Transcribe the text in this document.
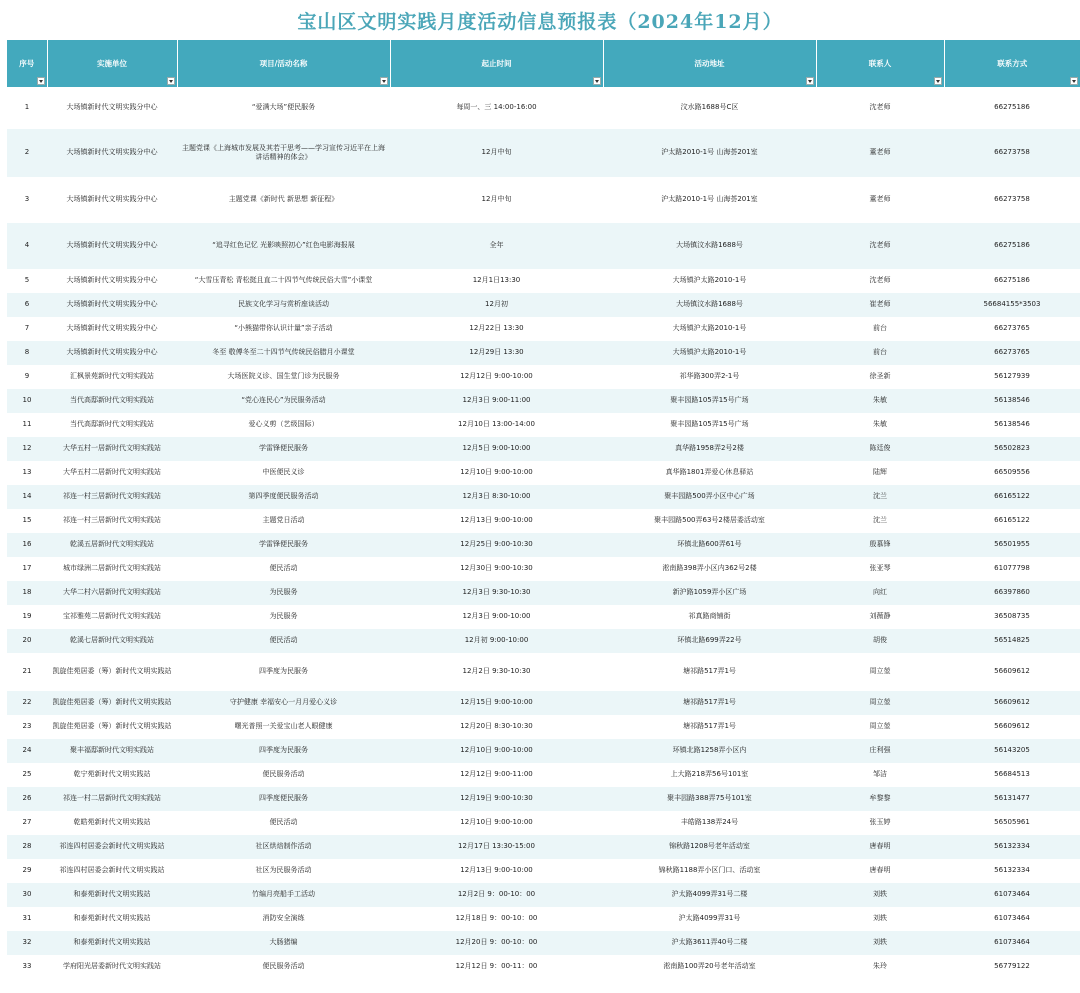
宝山区文明实践月度活动信息预报表（2024年12月）
序号	实施单位	项目/活动名称	起止时间	活动地址	联系人	联系方式

1	大场镇新时代文明实践分中心	“爱满大场”便民服务	每周一、三 14:00-16:00	汶水路1688号C区	沈老师	66275186
2	大场镇新时代文明实践分中心	主题党课《上海城市发展及其若干思考——学习宣传习近平在上海讲话精神的体会》	12月中旬	沪太路2010-1号 山海荟201室	董老师	66273758
3	大场镇新时代文明实践分中心	主题党课《新时代 新思想 新征程》	12月中旬	沪太路2010-1号 山海荟201室	董老师	66273758
4	大场镇新时代文明实践分中心	“追寻红色记忆 光影映照初心”红色电影海报展	全年	大场镇汶水路1688号	沈老师	66275186
5	大场镇新时代文明实践分中心	“大雪压青松 青松挺且直二十四节气传统民俗大雪”小课堂	12月1日13:30	大场镇沪太路2010-1号	沈老师	66275186
6	大场镇新时代文明实践分中心	民族文化学习与赏析座谈活动	12月初	大场镇汶水路1688号	崔老师	56684155*3503
7	大场镇新时代文明实践分中心	“小熊猫带你认识计量”亲子活动	12月22日 13:30	大场镇沪太路2010-1号	前台	66273765
8	大场镇新时代文明实践分中心	冬至 敬傅冬至二十四节气传统民俗腊月小课堂	12月29日 13:30	大场镇沪太路2010-1号	前台	66273765
9	汇枫景苑新时代文明实践站	大场医院义诊、国生堂门诊为民服务	12月12日 9:00-10:00	祁华路300弄2-1号	徐圣新	56127939
10	当代高邸新时代文明实践站	“党心连民心”为民服务活动	12月3日 9:00-11:00	聚丰园路105弄15号广场	朱敏	56138546
11	当代高邸新时代文明实践站	爱心义剪（艺级国际）	12月10日 13:00-14:00	聚丰园路105弄15号广场	朱敏	56138546
12	大华五村一居新时代文明实践站	学雷锋便民服务	12月5日 9:00-10:00	真华路1958弄2号2楼	陈廷俊	56502823
13	大华五村二居新时代文明实践站	中医便民义诊	12月10日 9:00-10:00	真华路1801弄爱心休息驿站	陆辉	66509556
14	祁连一村三居新时代文明实践站	第四季度便民服务活动	12月3日 8:30-10:00	聚丰园路500弄小区中心广场	沈兰	66165122
15	祁连一村三居新时代文明实践站	主题党日活动	12月13日 9:00-10:00	聚丰园路500弄63号2楼居委活动室	沈兰	66165122
16	乾溪五居新时代文明实践站	学雷锋便民服务	12月25日 9:00-10:30	环镇北路600弄61号	殷慕锋	56501955
17	城市绿洲二居新时代文明实践站	便民活动	12月30日 9:00-10:30	淞南路398弄小区内362号2楼	张亚琴	61077798
18	大华二村六居新时代文明实践站	为民服务	12月3日 9:30-10:30	新沪路1059弄小区广场	向红	66397860
19	宝祁雅苑二居新时代文明实践站	为民服务	12月3日 9:00-10:00	祁真路商铺街	刘薇静	36508735
20	乾溪七居新时代文明实践站	便民活动	12月初 9:00-10:00	环镇北路699弄22号	胡俊	56514825
21	凯旋佳苑居委（筹）新时代文明实践站	四季度为民服务	12月2日 9:30-10:30	塘祁路517弄1号	周立堃	56609612
22	凯旋佳苑居委（筹）新时代文明实践站	守护健康 幸福安心一月月爱心义诊	12月15日 9:00-10:00	塘祁路517弄1号	周立堃	56609612
23	凯旋佳苑居委（筹）新时代文明实践站	曙光普照一关爱宝山老人眼健康	12月20日 8:30-10:30	塘祁路517弄1号	周立堃	56609612
24	聚丰福邸新时代文明实践站	四季度为民服务	12月10日 9:00-10:00	环镇北路1258弄小区内	庄利强	56143205
25	乾宁苑新时代文明实践站	便民服务活动	12月12日 9:00-11:00	上大路218弄56号101室	邹洁	56684513
26	祁连一村二居新时代文明实践站	四季度便民服务	12月19日 9:00-10:30	聚丰园路388弄75号101室	牟黎黎	56131477
27	乾皓苑新时代文明实践站	便民活动	12月10日 9:00-10:00	丰皓路138弄24号	张玉婷	56505961
28	祁连四村居委会新时代文明实践站	社区烘焙制作活动	12月17日 13:30-15:00	锦秋路1208号老年活动室	唐春明	56132334
29	祁连四村居委会新时代文明实践站	社区为民服务活动	12月13日 9:00-10:00	锦秋路1188弄小区门口、活动室	唐春明	56132334
30	和泰苑新时代文明实践站	竹编月亮船手工活动	12月2日 9：00-10：00	沪太路4099弄31号二楼	刘轶	61073464
31	和泰苑新时代文明实践站	消防安全演练	12月18日 9：00-10：00	沪太路4099弄31号	刘轶	61073464
32	和泰苑新时代文明实践站	大肠猪编	12月20日 9：00-10：00	沪太路3611弄40号二楼	刘轶	61073464
33	学府阳光居委新时代文明实践站	便民服务活动	12月12日 9：00-11：00	淞南路100弄20号老年活动室	朱玲	56779122
